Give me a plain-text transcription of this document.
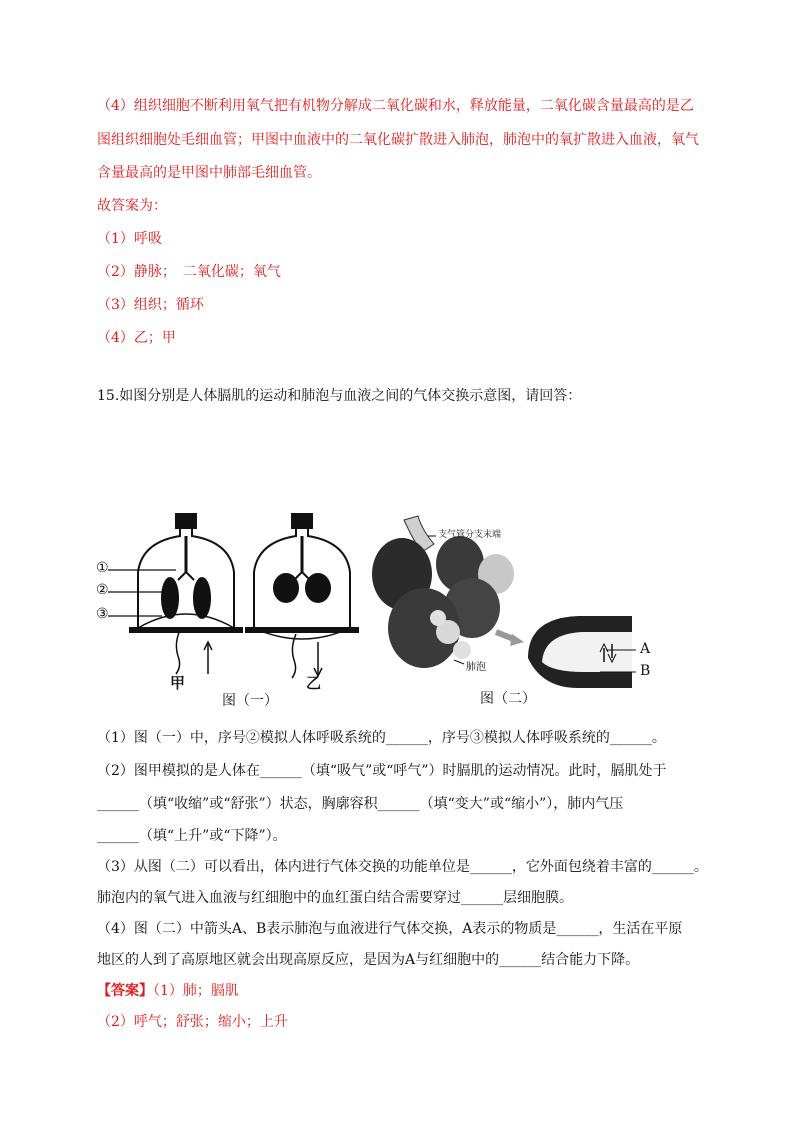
（4）组织细胞不断利用氧气把有机物分解成二氧化碳和水，释放能量，二氧化碳含量最高的是乙
图组织细胞处毛细血管；甲图中血液中的二氧化碳扩散进入肺泡，肺泡中的氧扩散进入血液，氧气
含量最高的是甲图中肺部毛细血管。
故答案为：
（1）呼吸
（2）静脉；　二氧化碳；氧气
（3）组织；循环
（4）乙；甲
15.如图分别是人体膈肌的运动和肺泡与血液之间的气体交换示意图，请回答：
①
②
③
甲	乙
图（一）
支气管分支末端
肺泡
A
B
图（二）
（1）图（一）中，序号②模拟人体呼吸系统的______，序号③模拟人体呼吸系统的______。
（2）图甲模拟的是人体在______（填“吸气”或“呼气”）时膈肌的运动情况。此时，膈肌处于
______（填“收缩”或“舒张”）状态，胸廓容积______（填“变大”或“缩小”），肺内气压
______（填“上升”或“下降”）。
（3）从图（二）可以看出，体内进行气体交换的功能单位是______，它外面包绕着丰富的______。
肺泡内的氧气进入血液与红细胞中的血红蛋白结合需要穿过______层细胞膜。
（4）图（二）中箭头A、B表示肺泡与血液进行气体交换，A表示的物质是______，生活在平原
地区的人到了高原地区就会出现高原反应，是因为A与红细胞中的______结合能力下降。
【答案】（1）肺；膈肌
（2）呼气；舒张；缩小；上升
